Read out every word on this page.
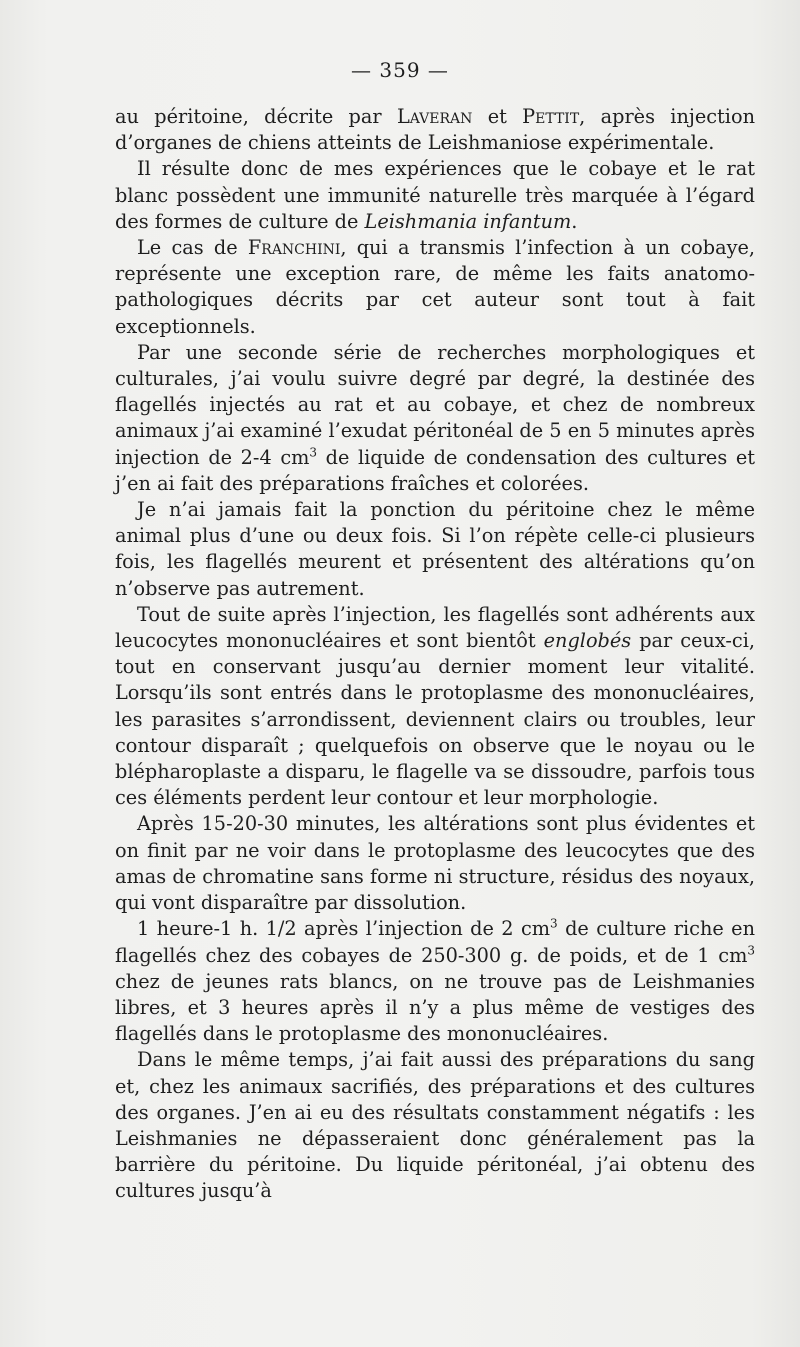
— 359 —

au péritoine, décrite par Laveran et Pettit, après injection d’organes de chiens atteints de Leishmaniose expérimentale.

Il résulte donc de mes expériences que le cobaye et le rat blanc possèdent une immunité naturelle très marquée à l’égard des formes de culture de Leishmania infantum.

Le cas de Franchini, qui a transmis l’infection à un cobaye, représente une exception rare, de même les faits anatomo-pathologiques décrits par cet auteur sont tout à fait exceptionnels.

Par une seconde série de recherches morphologiques et culturales, j’ai voulu suivre degré par degré, la destinée des flagellés injectés au rat et au cobaye, et chez de nombreux animaux j’ai examiné l’exudat péritonéal de 5 en 5 minutes après injection de 2-4 $cm^3$ de liquide de condensation des cultures et j’en ai fait des préparations fraîches et colorées.

Je n’ai jamais fait la ponction du péritoine chez le même animal plus d’une ou deux fois. Si l’on répète celle-ci plusieurs fois, les flagellés meurent et présentent des altérations qu’on n’observe pas autrement.

Tout de suite après l’injection, les flagellés sont adhérents aux leucocytes mononucléaires et sont bientôt englobés par ceux-ci, tout en conservant jusqu’au dernier moment leur vitalité. Lorsqu’ils sont entrés dans le protoplasme des mononucléaires, les parasites s’arrondissent, deviennent clairs ou troubles, leur contour disparaît ; quelquefois on observe que le noyau ou le blépharoplaste a disparu, le flagelle va se dissoudre, parfois tous ces éléments perdent leur contour et leur morphologie.

Après 15-20-30 minutes, les altérations sont plus évidentes et on finit par ne voir dans le protoplasme des leucocytes que des amas de chromatine sans forme ni structure, résidus des noyaux, qui vont disparaître par dissolution.

1 heure-1 h. 1/2 après l’injection de 2 $cm^3$ de culture riche en flagellés chez des cobayes de 250-300 g. de poids, et de 1 $cm^3$ chez de jeunes rats blancs, on ne trouve pas de Leishmanies libres, et 3 heures après il n’y a plus même de vestiges des flagellés dans le protoplasme des mononucléaires.

Dans le même temps, j’ai fait aussi des préparations du sang et, chez les animaux sacrifiés, des préparations et des cultures des organes. J’en ai eu des résultats constamment négatifs : les Leishmanies ne dépasseraient donc généralement pas la barrière du péritoine. Du liquide péritonéal, j’ai obtenu des cultures jusqu’à
